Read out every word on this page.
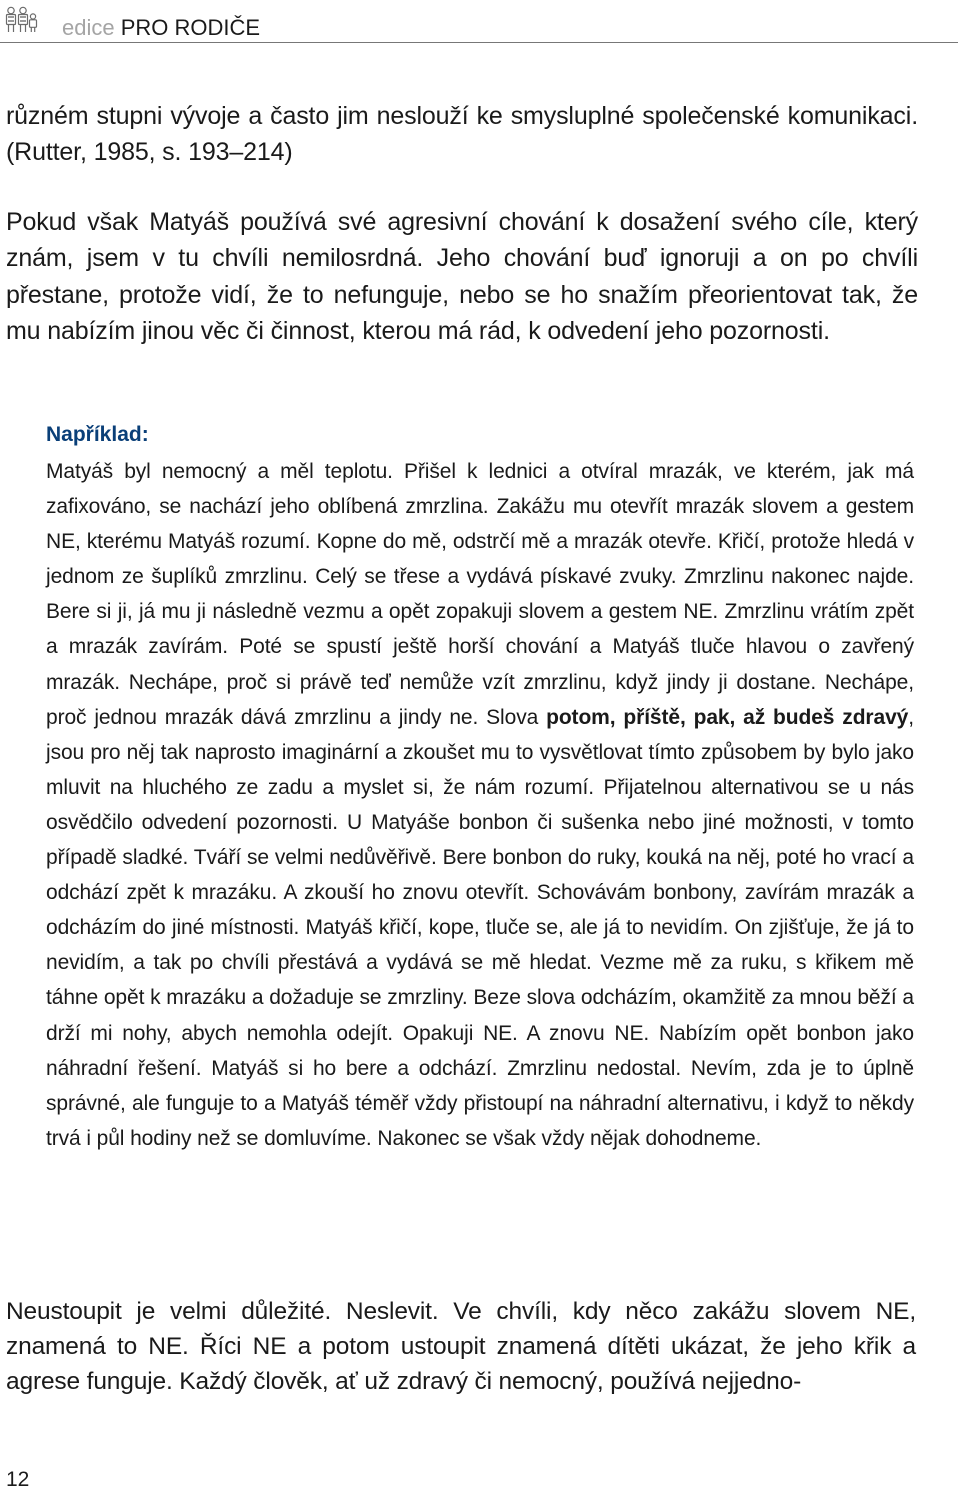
edice PRO RODIČE

různém stupni vývoje a často jim neslouží ke smysluplné společenské komunikaci. (Rutter, 1985, s. 193–214)

Pokud však Matyáš používá své agresivní chování k dosažení svého cíle, který znám, jsem v tu chvíli nemilosrdná. Jeho chování buď ignoruji a on po chvíli přestane, protože vidí, že to nefunguje, nebo se ho snažím přeorientovat tak, že mu nabízím jinou věc či činnost, kterou má rád, k odvedení jeho pozornosti.

Například:

Matyáš byl nemocný a měl teplotu. Přišel k lednici a otvíral mrazák, ve kterém, jak má zafixováno, se nachází jeho oblíbená zmrzlina. Zakážu mu otevřít mrazák slovem a gestem NE, kterému Matyáš rozumí. Kopne do mě, odstrčí mě a mrazák otevře. Křičí, protože hledá v jednom ze šuplíků zmrzlinu. Celý se třese a vydává pískavé zvuky. Zmrzlinu nakonec najde. Bere si ji, já mu ji následně vezmu a opět zopakuji slovem a gestem NE. Zmrzlinu vrátím zpět a mrazák zavírám. Poté se spustí ještě horší chování a Matyáš tluče hlavou o zavřený mrazák. Nechápe, proč si právě teď nemůže vzít zmrzlinu, když jindy ji dostane. Nechápe, proč jednou mrazák dává zmrzlinu a jindy ne. Slova potom, příště, pak, až budeš zdravý, jsou pro něj tak naprosto imaginární a zkoušet mu to vysvětlovat tímto způsobem by bylo jako mluvit na hluchého ze zadu a myslet si, že nám rozumí. Přijatelnou alternativou se u nás osvědčilo odvedení pozornosti. U Matyáše bonbon či sušenka nebo jiné možnosti, v tomto případě sladké. Tváří se velmi nedůvěřivě. Bere bonbon do ruky, kouká na něj, poté ho vrací a odchází zpět k mrazáku. A zkouší ho znovu otevřít. Schovávám bonbony, zavírám mrazák a odcházím do jiné místnosti. Matyáš křičí, kope, tluče se, ale já to nevidím. On zjišťuje, že já to nevidím, a tak po chvíli přestává a vydává se mě hledat. Vezme mě za ruku, s křikem mě táhne opět k mrazáku a dožaduje se zmrzliny. Beze slova odcházím, okamžitě za mnou běží a drží mi nohy, abych nemohla odejít. Opakuji NE. A znovu NE. Nabízím opět bonbon jako náhradní řešení. Matyáš si ho bere a odchází. Zmrzlinu nedostal. Nevím, zda je to úplně správné, ale funguje to a Matyáš téměř vždy přistoupí na náhradní alternativu, i když to někdy trvá i půl hodiny než se domluvíme. Nakonec se však vždy nějak dohodneme.

Neustoupit je velmi důležité. Neslevit. Ve chvíli, kdy něco zakážu slovem NE, znamená to NE. Říci NE a potom ustoupit znamená dítěti ukázat, že jeho křik a agrese funguje. Každý člověk, ať už zdravý či nemocný, používá nejjedno-

12
